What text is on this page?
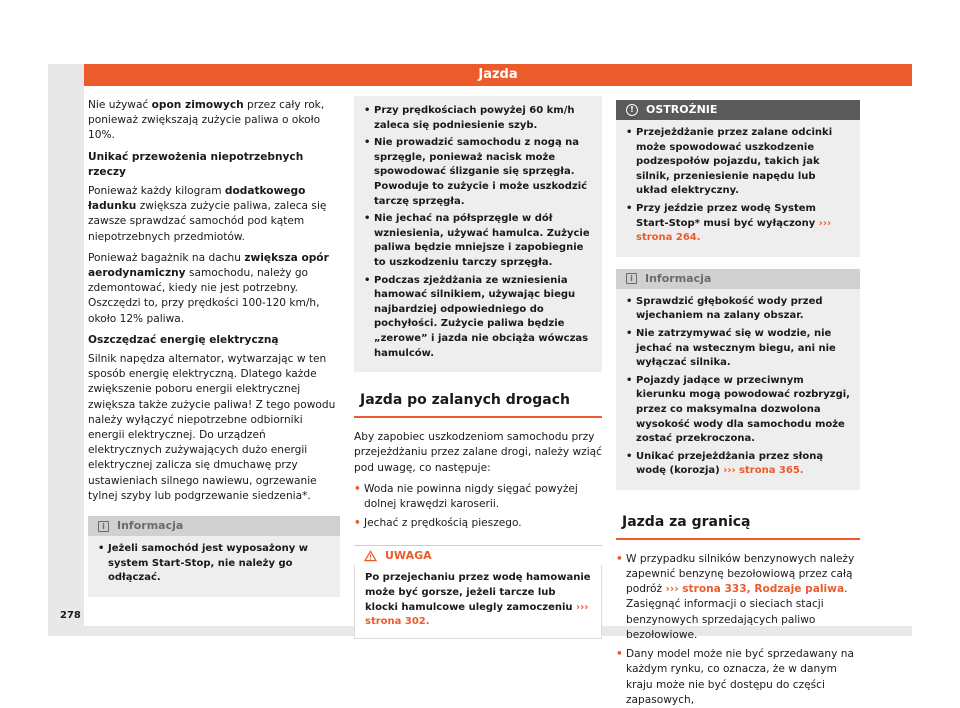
Jazda

Nie używać opon zimowych przez cały rok, ponieważ zwiększają zużycie paliwa o około 10%.

Unikać przewożenia niepotrzebnych rzeczy

Ponieważ każdy kilogram dodatkowego ładunku zwiększa zużycie paliwa, zaleca się zawsze sprawdzać samochód pod kątem niepotrzebnych przedmiotów.

Ponieważ bagażnik na dachu zwiększa opór aerodynamiczny samochodu, należy go zdemontować, kiedy nie jest potrzebny. Oszczędzi to, przy prędkości 100-120 km/h, około 12% paliwa.

Oszczędzać energię elektryczną

Silnik napędza alternator, wytwarzając w ten sposób energię elektryczną. Dlatego każde zwiększenie poboru energii elektrycznej zwiększa także zużycie paliwa! Z tego powodu należy wyłączyć niepotrzebne odbiorniki energii elektrycznej. Do urządzeń elektrycznych zużywających dużo energii elektrycznej zalicza się dmuchawę przy ustawieniach silnego nawiewu, ogrzewanie tylnej szyby lub podgrzewanie siedzenia*.

i	Informacja
• Jeżeli samochód jest wyposażony w system Start-Stop, nie należy go odłączać.
• Przy prędkościach powyżej 60 km/h zaleca się podniesienie szyb.
• Nie prowadzić samochodu z nogą na sprzęgle, ponieważ nacisk może spowodować ślizganie się sprzęgła. Powoduje to zużycie i może uszkodzić tarczę sprzęgła.
• Nie jechać na półsprzęgle w dół wzniesienia, używać hamulca. Zużycie paliwa będzie mniejsze i zapobiegnie to uszkodzeniu tarczy sprzęgła.
• Podczas zjeżdżania ze wzniesienia hamować silnikiem, używając biegu najbardziej odpowiedniego do pochyłości. Zużycie paliwa będzie „zerowe” i jazda nie obciąża wówczas hamulców.
Jazda po zalanych drogach

Aby zapobiec uszkodzeniom samochodu przy przejeżdżaniu przez zalane drogi, należy wziąć pod uwagę, co następuje:

• Woda nie powinna nigdy sięgać powyżej dolnej krawędzi karoserii.
• Jechać z prędkością pieszego.
UWAGA

Po przejechaniu przez wodę hamowanie może być gorsze, jeżeli tarcze lub klocki hamulcowe ulegly zamoczeniu ››› strona 302.

!	OSTROŻNIE
• Przejeżdżanie przez zalane odcinki może spowodować uszkodzenie podzespołów pojazdu, takich jak silnik, przeniesienie napędu lub układ elektryczny.
• Przy jeździe przez wodę System Start-Stop* musi być wyłączony ››› strona 264.
i	Informacja
• Sprawdzić głębokość wody przed wjechaniem na zalany obszar.
• Nie zatrzymywać się w wodzie, nie jechać na wstecznym biegu, ani nie wyłączać silnika.
• Pojazdy jadące w przeciwnym kierunku mogą powodować rozbryzgi, przez co maksymalna dozwolona wysokość wody dla samochodu może zostać przekroczona.
• Unikać przejeżdżania przez słoną wodę (korozja) ››› strona 365.
Jazda za granicą
• W przypadku silników benzynowych należy zapewnić benzynę bezołowiową przez całą podróż ››› strona 333, Rodzaje paliwa. Zasięgnąć informacji o sieciach stacji benzynowych sprzedających paliwo bezołowiowe.
• Dany model może nie być sprzedawany na każdym rynku, co oznacza, że w danym kraju może nie być dostępu do części zapasowych,
278
